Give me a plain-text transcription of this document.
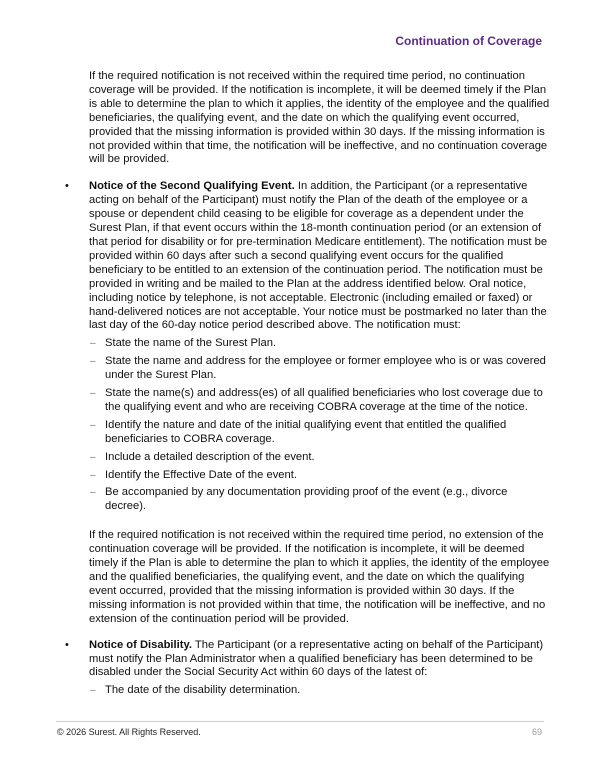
Continuation of Coverage

If the required notification is not received within the required time period, no continuation coverage will be provided. If the notification is incomplete, it will be deemed timely if the Plan is able to determine the plan to which it applies, the identity of the employee and the qualified beneficiaries, the qualifying event, and the date on which the qualifying event occurred, provided that the missing information is provided within 30 days. If the missing information is not provided within that time, the notification will be ineffective, and no continuation coverage will be provided.

•	Notice of the Second Qualifying Event. In addition, the Participant (or a representative acting on behalf of the Participant) must notify the Plan of the death of the employee or a spouse or dependent child ceasing to be eligible for coverage as a dependent under the Surest Plan, if that event occurs within the 18-month continuation period (or an extension of that period for disability or for pre-termination Medicare entitlement). The notification must be provided within 60 days after such a second qualifying event occurs for the qualified beneficiary to be entitled to an extension of the continuation period. The notification must be provided in writing and be mailed to the Plan at the address identified below. Oral notice, including notice by telephone, is not acceptable. Electronic (including emailed or faxed) or hand-delivered notices are not acceptable. Your notice must be postmarked no later than the last day of the 60-day notice period described above. The notification must:
– State the name of the Surest Plan.
– State the name and address for the employee or former employee who is or was covered under the Surest Plan.
– State the name(s) and address(es) of all qualified beneficiaries who lost coverage due to the qualifying event and who are receiving COBRA coverage at the time of the notice.
– Identify the nature and date of the initial qualifying event that entitled the qualified beneficiaries to COBRA coverage.
– Include a detailed description of the event.
– Identify the Effective Date of the event.
– Be accompanied by any documentation providing proof of the event (e.g., divorce decree).

If the required notification is not received within the required time period, no extension of the continuation coverage will be provided. If the notification is incomplete, it will be deemed timely if the Plan is able to determine the plan to which it applies, the identity of the employee and the qualified beneficiaries, the qualifying event, and the date on which the qualifying event occurred, provided that the missing information is provided within 30 days. If the missing information is not provided within that time, the notification will be ineffective, and no extension of the continuation period will be provided.

•	Notice of Disability. The Participant (or a representative acting on behalf of the Participant) must notify the Plan Administrator when a qualified beneficiary has been determined to be disabled under the Social Security Act within 60 days of the latest of:
– The date of the disability determination.
© 2026 Surest. All Rights Reserved.	69
